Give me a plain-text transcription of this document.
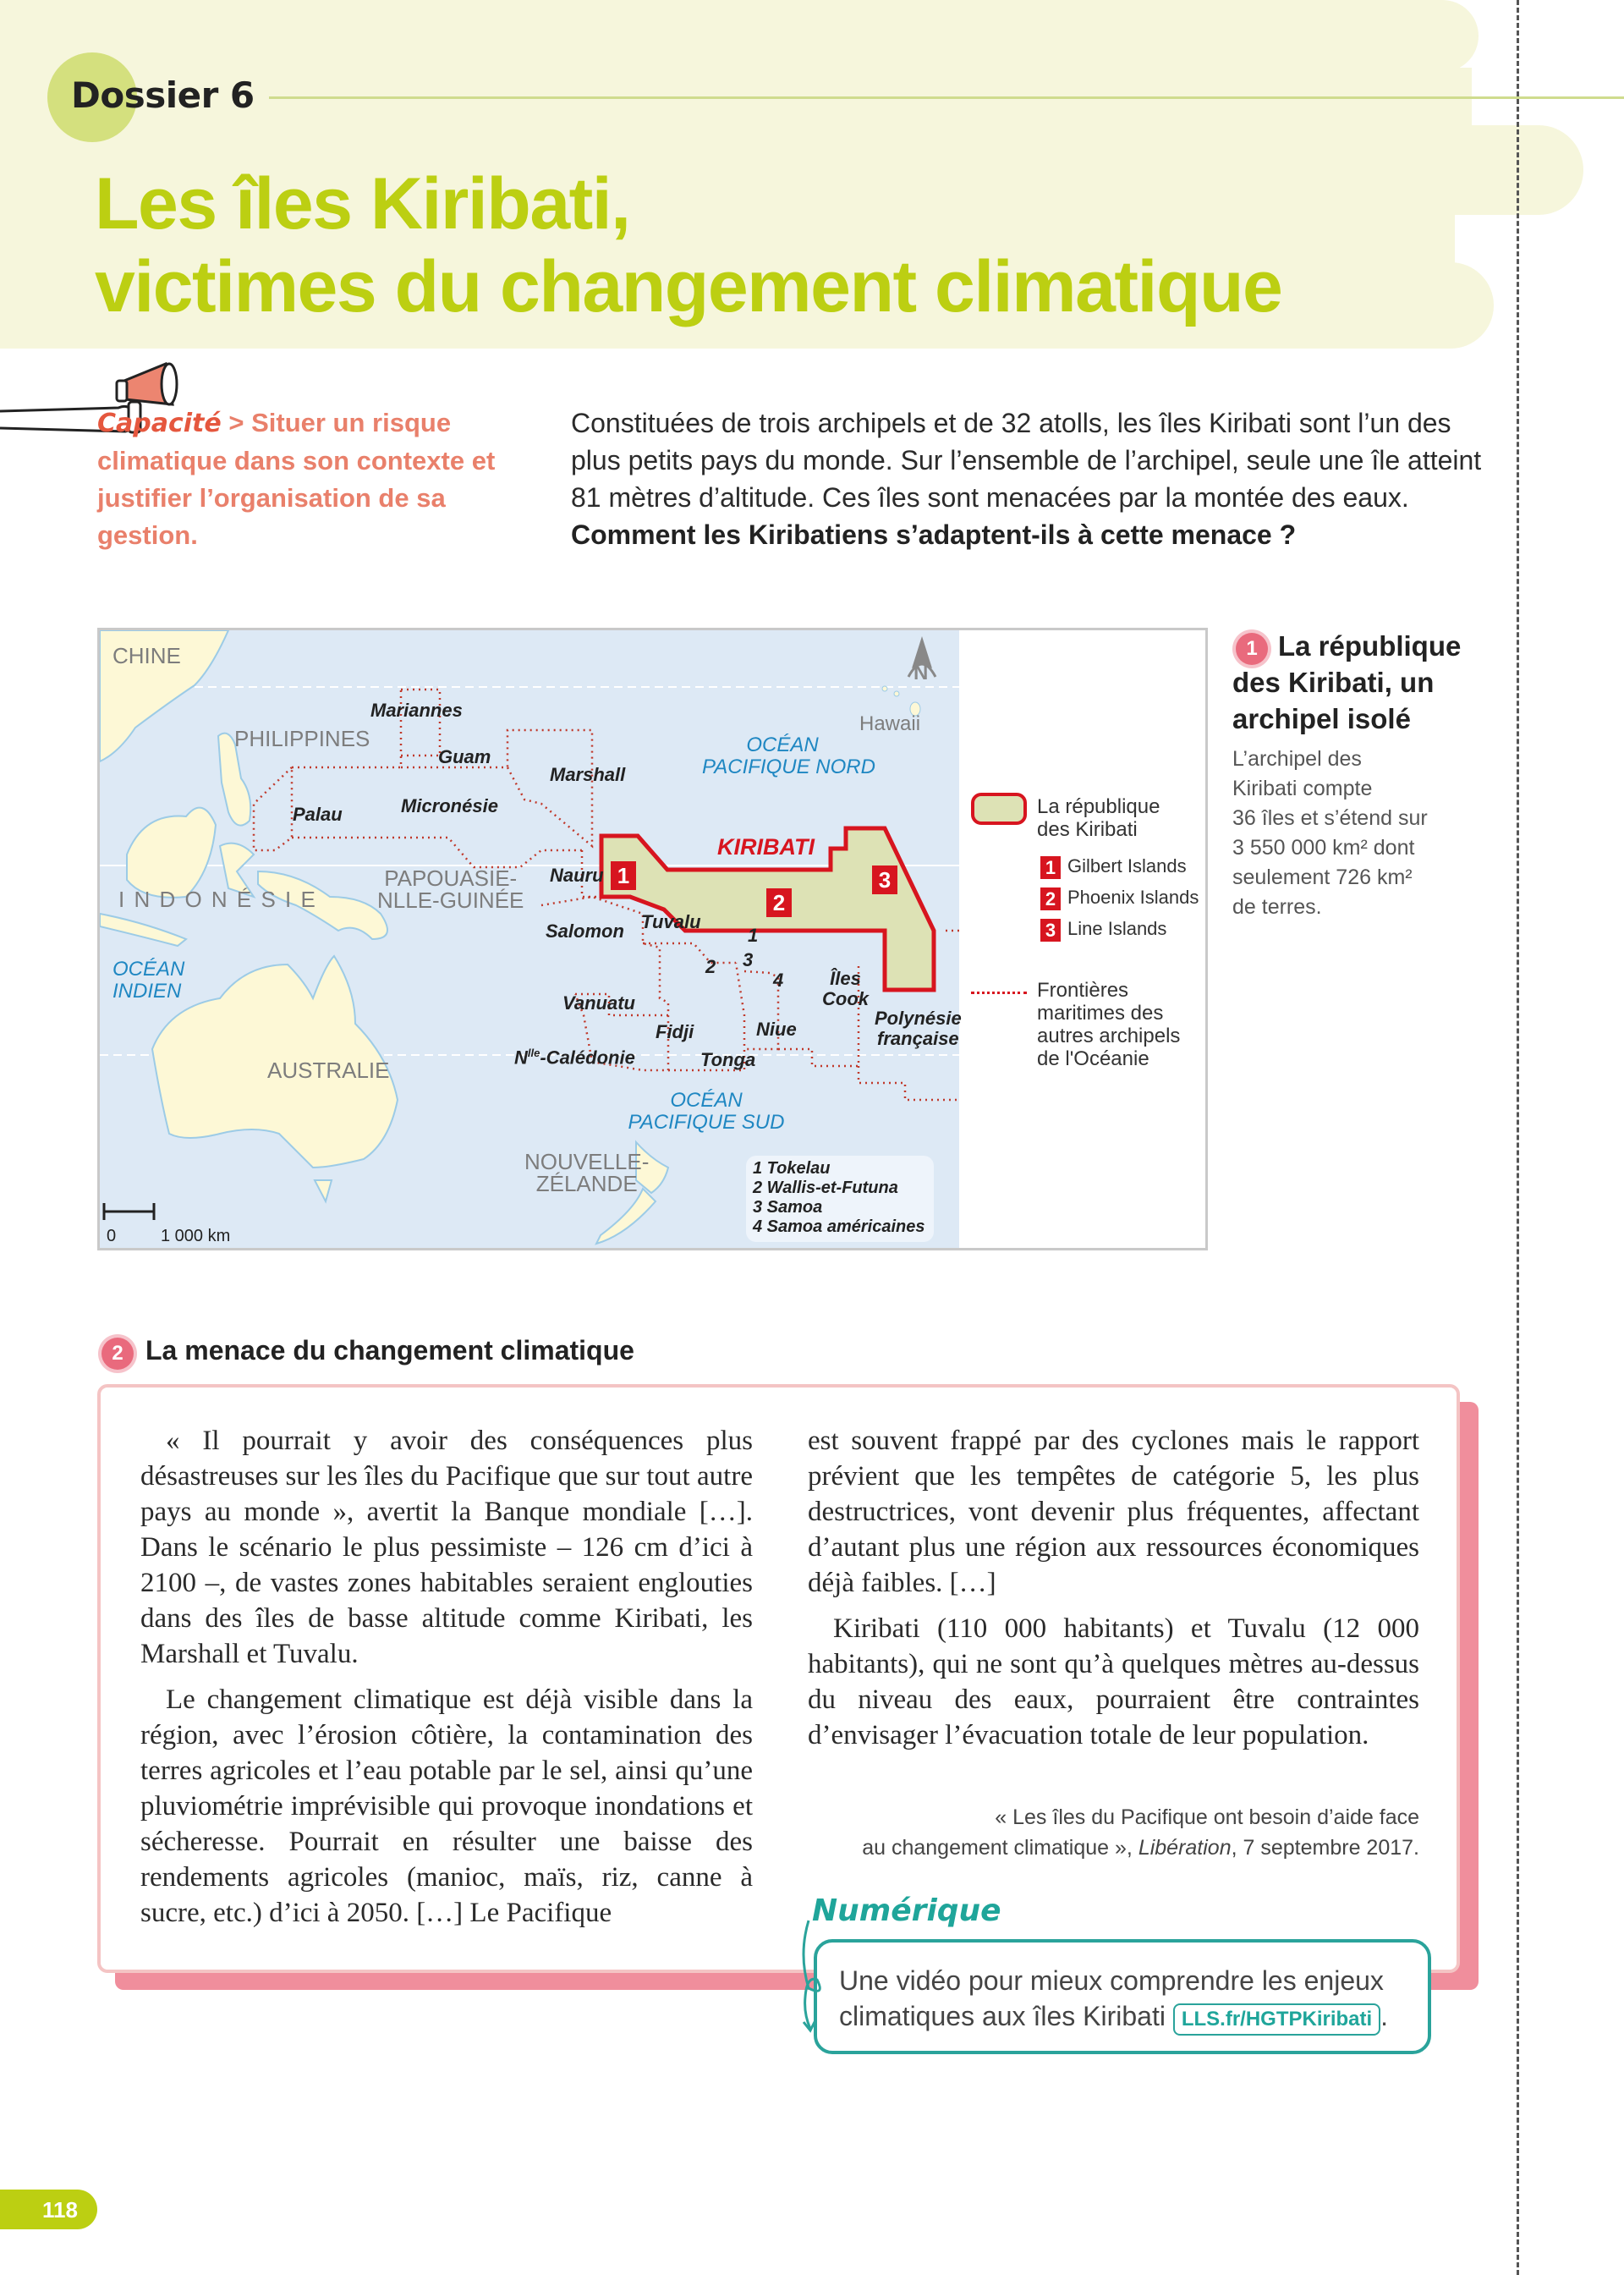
Dossier 6
Les îles Kiribati,
victimes du changement climatique
Capacité > Situer un risque climatique dans son contexte et justifier l’organisation de sa gestion.
Constituées de trois archipels et de 32 atolls, les îles Kiribati sont l’un des plus petits pays du monde. Sur l’ensemble de l’archipel, seule une île atteint 81 mètres d’altitude. Ces îles sont menacées par la montée des eaux. Comment les Kiribatiens s’adaptent-ils à cette menace ?
CHINE
PHILIPPINES
I N D O N É S I E
PAPOUASIE-
NLLE-GUINÉE
AUSTRALIE
NOUVELLE-
ZÉLANDE
Hawaii
Mariannes
Guam
Marshall
Palau	Micronésie
Nauru
Salomon Tuvalu
Vanuatu
Fidji
$N^{lle}$-Calédonie	Tonga
Niue
Îles
Cook
Polynésie
française
KIRIBATI
OCÉAN
PACIFIQUE NORD
OCÉAN
PACIFIQUE SUD
OCÉAN
INDIEN
1
2
3
1
2 3
4
N
0	1 000 km
1 Tokelau
2 Wallis-et-Futuna
3 Samoa
4 Samoa américaines
La république
des Kiribati
1 Gilbert Islands
2 Phoenix Islands
3 Line Islands
Frontières
maritimes des
autres archipels
de l'Océanie
1 La république des Kiribati, un archipel isolé
L’archipel des
Kiribati compte
36 îles et s’étend sur
3 550 000 km² dont
seulement 726 km²
de terres.
2 La menace du changement climatique

« Il pourrait y avoir des conséquences plus désastreuses sur les îles du Pacifique que sur tout autre pays au monde », avertit la Banque mondiale […]. Dans le scénario le plus pessimiste – 126 cm d’ici à 2100 –, de vastes zones habitables seraient englouties dans des îles de basse altitude comme Kiribati, les Marshall et Tuvalu.

Le changement climatique est déjà visible dans la région, avec l’érosion côtière, la contamination des terres agricoles et l’eau potable par le sel, ainsi qu’une pluviométrie imprévisible qui provoque inondations et sécheresse. Pourrait en résulter une baisse des rendements agricoles (manioc, maïs, riz, canne à sucre, etc.) d’ici à 2050. […] Le Pacifique

est souvent frappé par des cyclones mais le rapport prévient que les tempêtes de catégorie 5, les plus destructrices, vont devenir plus fréquentes, affectant d’autant plus une région aux ressources économiques déjà faibles. […]

Kiribati (110 000 habitants) et Tuvalu (12 000 habitants), qui ne sont qu’à quelques mètres au-dessus du niveau des eaux, pourraient être contraintes d’envisager l’évacuation totale de leur population.

« Les îles du Pacifique ont besoin d’aide face
au changement climatique », Libération, 7 septembre 2017.
Numérique
Une vidéo pour mieux comprendre les enjeux
climatiques aux îles Kiribati LLS.fr/HGTPKiribati .
118
